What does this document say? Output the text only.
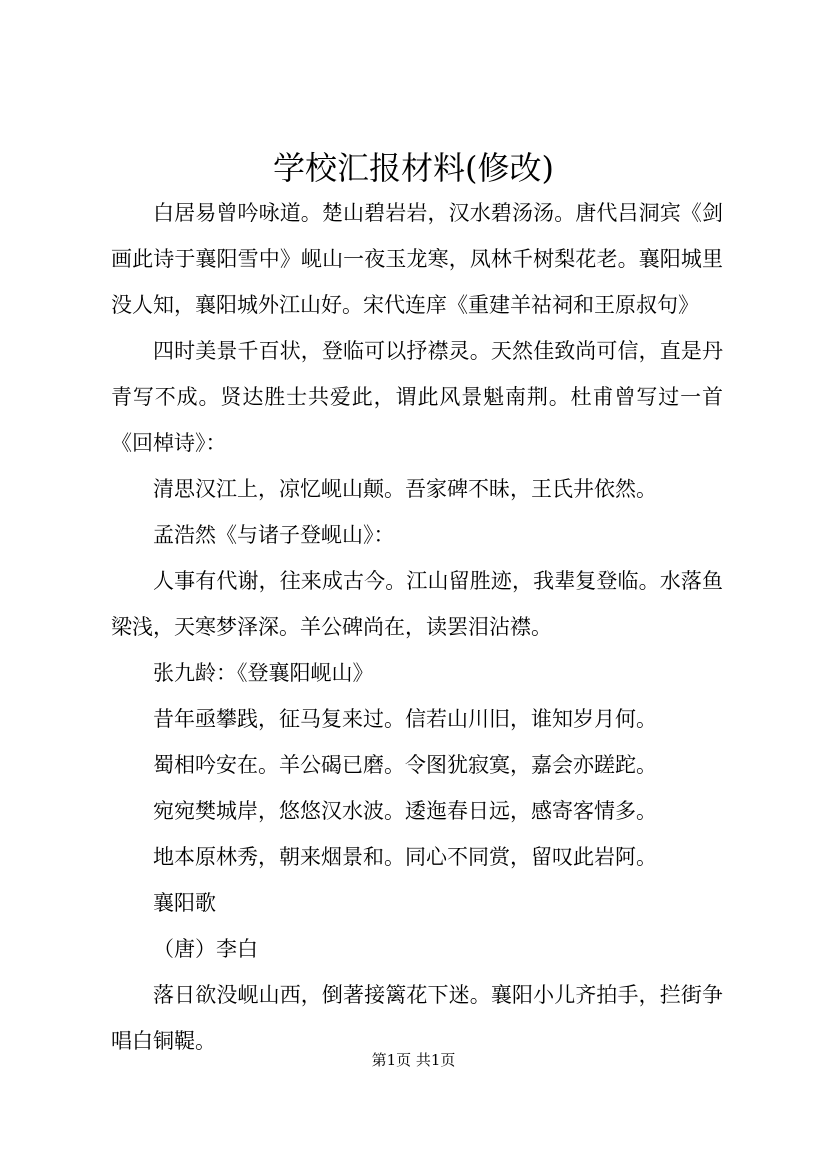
学校汇报材料(修改)

白居易曾吟咏道。楚山碧岩岩，汉水碧汤汤。唐代吕洞宾《剑画此诗于襄阳雪中》岘山一夜玉龙寒，凤林千树梨花老。襄阳城里没人知，襄阳城外江山好。宋代连庠《重建羊祜祠和王原叔句》

四时美景千百状，登临可以抒襟灵。天然佳致尚可信，直是丹青写不成。贤达胜士共爱此，谓此风景魁南荆。杜甫曾写过一首《回棹诗》：

清思汉江上，凉忆岘山颠。吾家碑不昧，王氏井依然。

孟浩然《与诸子登岘山》：

人事有代谢，往来成古今。江山留胜迹，我辈复登临。水落鱼梁浅，天寒梦泽深。羊公碑尚在，读罢泪沾襟。

张九龄：《登襄阳岘山》

昔年亟攀践，征马复来过。信若山川旧，谁知岁月何。

蜀相吟安在。羊公碣已磨。令图犹寂寞，嘉会亦蹉跎。

宛宛樊城岸，悠悠汉水波。逶迤春日远，感寄客情多。

地本原林秀，朝来烟景和。同心不同赏，留叹此岩阿。

襄阳歌

（唐）李白

落日欲没岘山西，倒著接篱花下迷。襄阳小儿齐拍手，拦街争唱白铜鞮。

第1页 共1页
